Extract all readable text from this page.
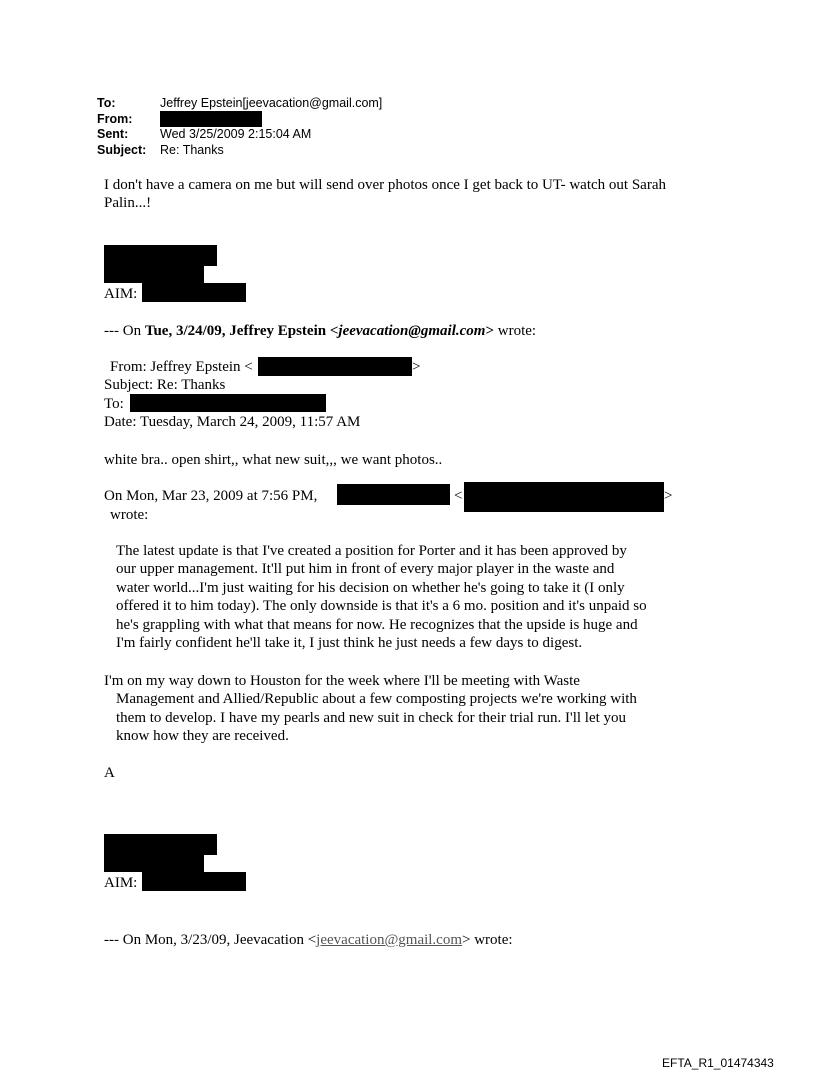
To:	Jeffrey Epstein[jeevacation@gmail.com]
From:
Sent:	Wed 3/25/2009 2:15:04 AM
Subject: Re: Thanks
I don't have a camera on me but will send over photos once I get back to UT- watch out Sarah
Palin...!
AIM:
--- On Tue, 3/24/09, Jeffrey Epstein <jeevacation@gmail.com> wrote:
From: Jeffrey Epstein <	>
Subject: Re: Thanks
To:
Date: Tuesday, March 24, 2009, 11:57 AM
white bra.. open shirt,, what new suit,,, we want photos..
On Mon, Mar 23, 2009 at 7:56 PM,	<	>
wrote:
The latest update is that I've created a position for Porter and it has been approved by
our upper management. It'll put him in front of every major player in the waste and
water world...I'm just waiting for his decision on whether he's going to take it (I only
offered it to him today). The only downside is that it's a 6 mo. position and it's unpaid so
he's grappling with what that means for now. He recognizes that the upside is huge and
I'm fairly confident he'll take it, I just think he just needs a few days to digest.
I'm on my way down to Houston for the week where I'll be meeting with Waste
Management and Allied/Republic about a few composting projects we're working with
them to develop. I have my pearls and new suit in check for their trial run. I'll let you
know how they are received.
A
AIM:
--- On Mon, 3/23/09, Jeevacation <jeevacation@gmail.com> wrote:
EFTA_R1_01474343
